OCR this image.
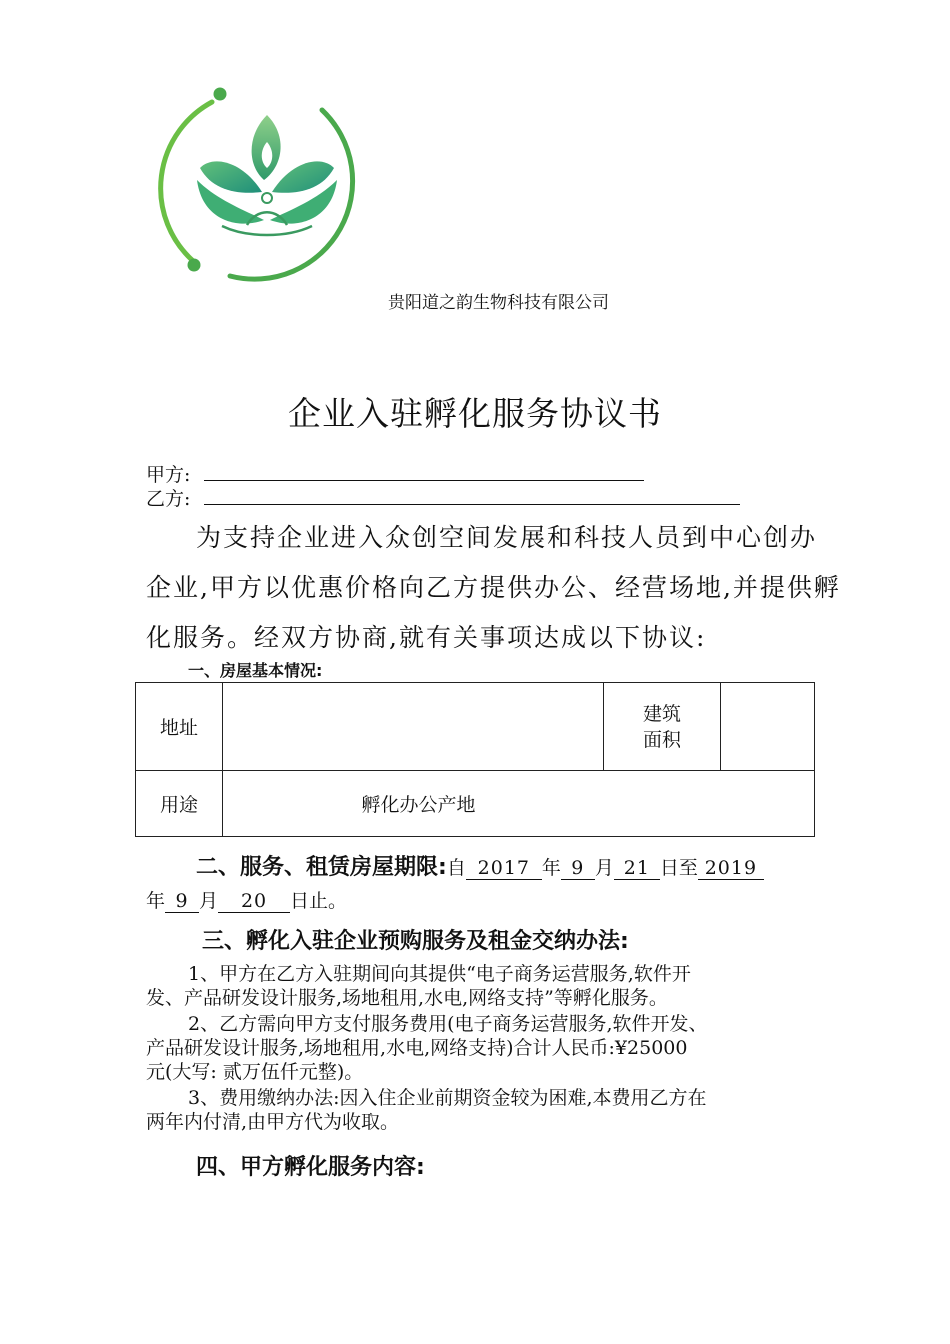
贵阳道之韵生物科技有限公司
企业入驻孵化服务协议书
甲方:
乙方:
为支持企业进入众创空间发展和科技人员到中心创办
企业,甲方以优惠价格向乙方提供办公、经营场地,并提供孵
化服务。经双方协商,就有关事项达成以下协议:
一、房屋基本情况:
地址		建筑
面积	
用途	孵化办公产地		
二、服务、租赁房屋期限:自 2017 年 9 月 21 日至 2019
年 9 月 20 日止。
三、孵化入驻企业预购服务及租金交纳办法:
1、甲方在乙方入驻期间向其提供“电子商务运营服务,软件开
发、产品研发设计服务,场地租用,水电,网络支持”等孵化服务。
2、乙方需向甲方支付服务费用(电子商务运营服务,软件开发、
产品研发设计服务,场地租用,水电,网络支持)合计人民币:¥25000
元(大写: 贰万伍仟元整)。
3、费用缴纳办法:因入住企业前期资金较为困难,本费用乙方在
两年内付清,由甲方代为收取。
四、甲方孵化服务内容:
